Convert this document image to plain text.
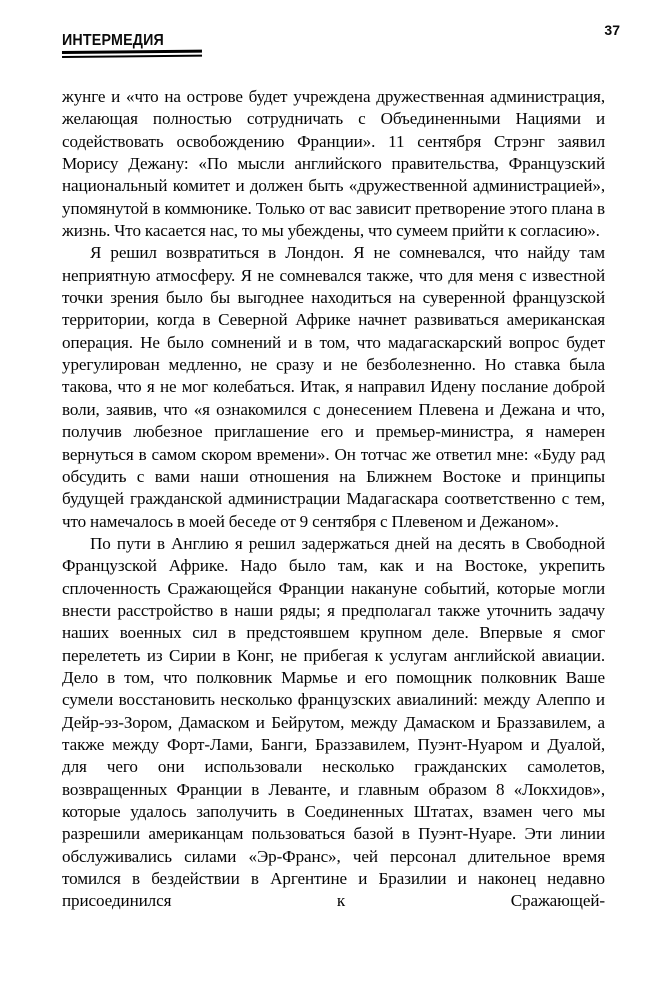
ИНТЕРМЕДИЯ
37

жунге и «что на острове будет учреждена дружественная администрация, желающая полностью сотрудничать с Объединенными Нациями и содействовать освобождению Франции». 11 сентября Стрэнг заявил Морису Дежану: «По мысли английского правительства, Французский национальный комитет и должен быть «дружественной администрацией», упомянутой в коммюнике. Только от вас зависит претворение этого плана в жизнь. Что касается нас, то мы убеждены, что сумеем прийти к согласию».

Я решил возвратиться в Лондон. Я не сомневался, что найду там неприятную атмосферу. Я не сомневался также, что для меня с известной точки зрения было бы выгоднее находиться на суверенной французской территории, когда в Северной Африке начнет развиваться американская операция. Не было сомнений и в том, что мадагаскарский вопрос будет урегулирован медленно, не сразу и не безболезненно. Но ставка была такова, что я не мог колебаться. Итак, я направил Идену послание доброй воли, заявив, что «я ознакомился с донесением Плевена и Дежана и что, получив любезное приглашение его и премьер-министра, я намерен вернуться в самом скором времени». Он тотчас же ответил мне: «Буду рад обсудить с вами наши отношения на Ближнем Востоке и принципы будущей гражданской администрации Мадагаскара соответственно с тем, что намечалось в моей беседе от 9 сентября с Плевеном и Дежаном».

По пути в Англию я решил задержаться дней на десять в Свободной Французской Африке. Надо было там, как и на Востоке, укрепить сплоченность Сражающейся Франции накануне событий, которые могли внести расстройство в наши ряды; я предполагал также уточнить задачу наших военных сил в предстоявшем крупном деле. Впервые я смог перелететь из Сирии в Конг, не прибегая к услугам английской авиации. Дело в том, что полковник Мармье и его помощник полковник Ваше сумели восстановить несколько французских авиалиний: между Алеппо и Дейр-эз-Зором, Дамаском и Бейрутом, между Дамаском и Браззавилем, а также между Форт-Лами, Банги, Браззавилем, Пуэнт-Нуаром и Дуалой, для чего они использовали несколько гражданских самолетов, возвращенных Франции в Леванте, и главным образом 8 «Локхидов», которые удалось заполучить в Соединенных Штатах, взамен чего мы разрешили американцам пользоваться базой в Пуэнт-Нуаре. Эти линии обслуживались силами «Эр-Франс», чей персонал длительное время томился в бездействии в Аргентине и Бразилии и наконец недавно присоединился к Сражающей-
